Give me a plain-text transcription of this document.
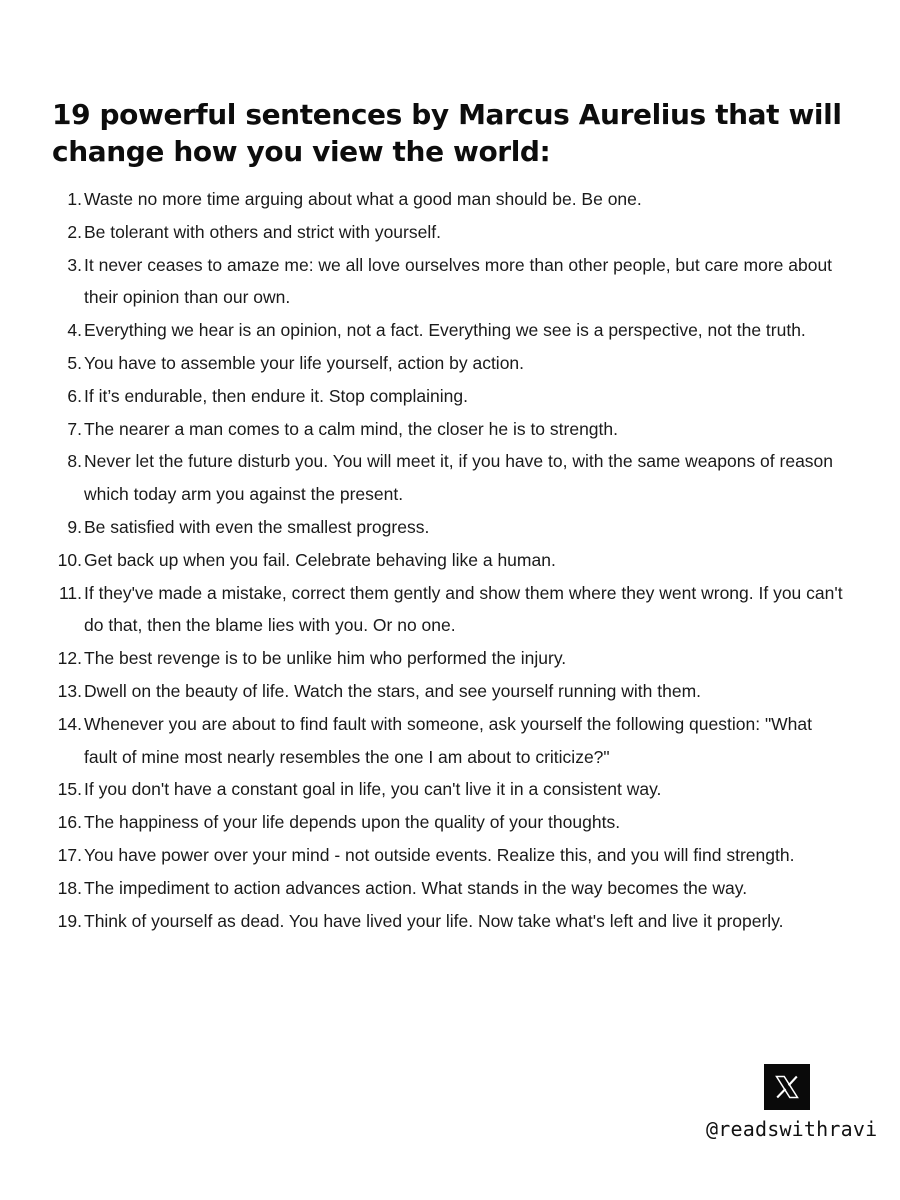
19 powerful sentences by Marcus Aurelius that will change how you view the world:
1. Waste no more time arguing about what a good man should be. Be one.
2. Be tolerant with others and strict with yourself.
3. It never ceases to amaze me: we all love ourselves more than other people, but care more about their opinion than our own.
4. Everything we hear is an opinion, not a fact. Everything we see is a perspective, not the truth.
5. You have to assemble your life yourself, action by action.
6. If it’s endurable, then endure it. Stop complaining.
7. The nearer a man comes to a calm mind, the closer he is to strength.
8. Never let the future disturb you. You will meet it, if you have to, with the same weapons of reason which today arm you against the present.
9. Be satisfied with even the smallest progress.
10. Get back up when you fail. Celebrate behaving like a human.
11. If they've made a mistake, correct them gently and show them where they went wrong. If you can't do that, then the blame lies with you. Or no one.
12. The best revenge is to be unlike him who performed the injury.
13. Dwell on the beauty of life. Watch the stars, and see yourself running with them.
14. Whenever you are about to find fault with someone, ask yourself the following question: "What fault of mine most nearly resembles the one I am about to criticize?"
15. If you don't have a constant goal in life, you can't live it in a consistent way.
16. The happiness of your life depends upon the quality of your thoughts.
17. You have power over your mind - not outside events. Realize this, and you will find strength.
18. The impediment to action advances action. What stands in the way becomes the way.
19. Think of yourself as dead. You have lived your life. Now take what's left and live it properly.
@readswithravi
